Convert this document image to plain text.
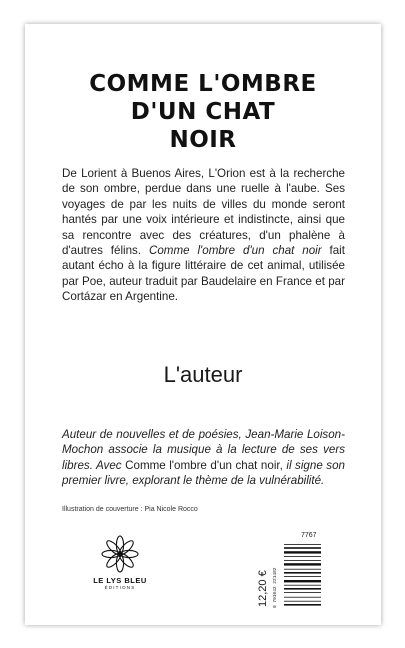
COMME L'OMBRE
D'UN CHAT
NOIR
De Lorient à Buenos Aires, L'Orion est à la recherche de son ombre, perdue dans une ruelle à l'aube. Ses voyages de par les nuits de villes du monde seront hantés par une voix intérieure et indistincte, ainsi que sa rencontre avec des créatures, d'un phalène à d'autres félins. Comme l'ombre d'un chat noir fait autant écho à la figure littéraire de cet animal, utilisée par Poe, auteur traduit par Baudelaire en France et par Cortázar en Argentine.
L'auteur
Auteur de nouvelles et de poésies, Jean-Marie Loison-Mochon associe la musique à la lecture de ses vers libres. Avec Comme l'ombre d'un chat noir, il signe son premier livre, explorant le thème de la vulnérabilité.
Illustration de couverture : Pia Nicole Rocco
LE LYS BLEU
ÉDITIONS
7767
12,20 € 9 791042 221482
